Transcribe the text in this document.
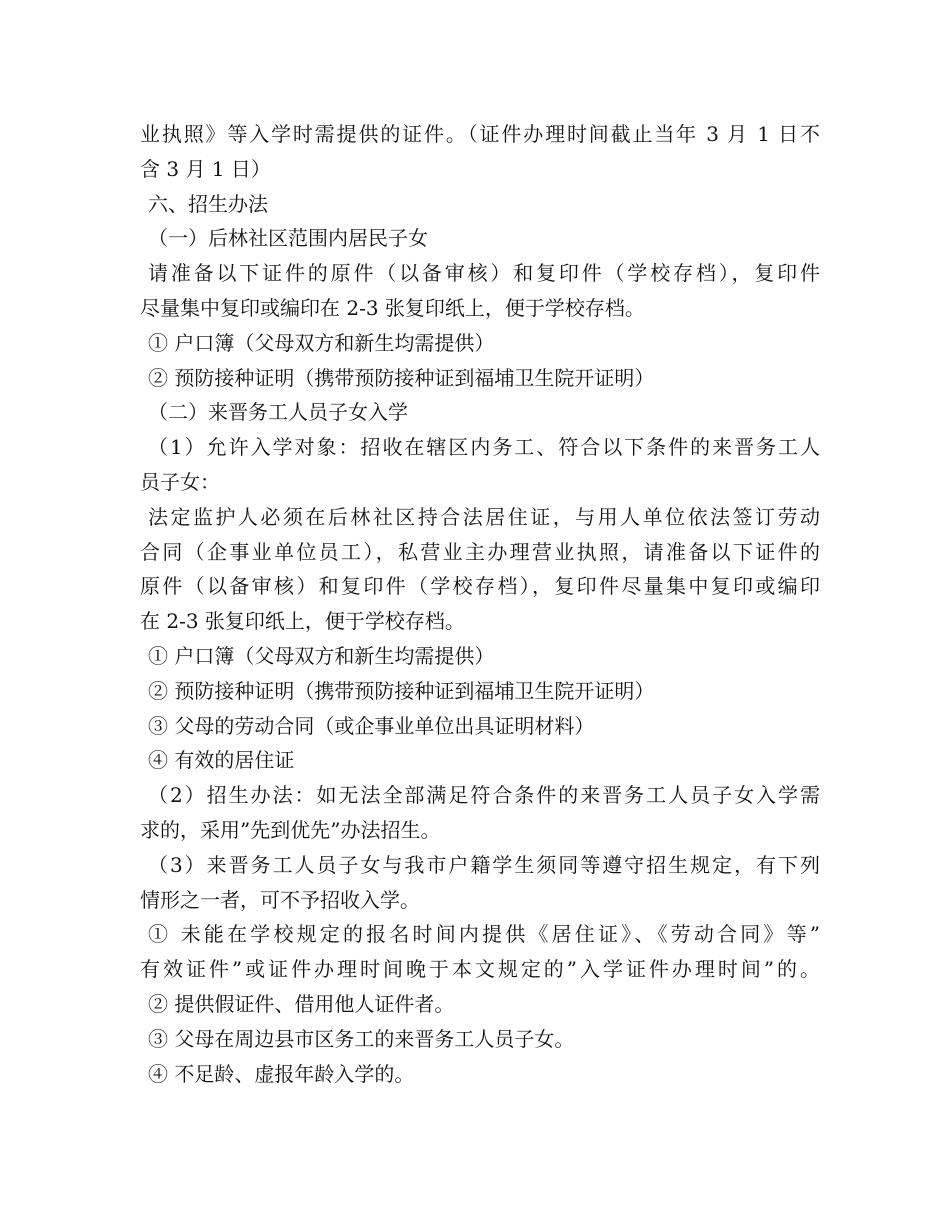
业执照》等入学时需提供的证件。（证件办理时间截止当年 3 月 1 日不
含 3 月 1 日）
六、招生办法
（一）后林社区范围内居民子女
请准备以下证件的原件（以备审核）和复印件（学校存档），复印件
尽量集中复印或编印在 2-3 张复印纸上，便于学校存档。
① 户口簿（父母双方和新生均需提供）
② 预防接种证明（携带预防接种证到福埔卫生院开证明）
（二）来晋务工人员子女入学
（1）允许入学对象：招收在辖区内务工、符合以下条件的来晋务工人
员子女：
法定监护人必须在后林社区持合法居住证，与用人单位依法签订劳动
合同（企事业单位员工），私营业主办理营业执照，请准备以下证件的
原件（以备审核）和复印件（学校存档），复印件尽量集中复印或编印
在 2-3 张复印纸上，便于学校存档。
① 户口簿（父母双方和新生均需提供）
② 预防接种证明（携带预防接种证到福埔卫生院开证明）
③ 父母的劳动合同（或企事业单位出具证明材料）
④ 有效的居住证
（2）招生办法：如无法全部满足符合条件的来晋务工人员子女入学需
求的，采用”先到优先”办法招生。
（3）来晋务工人员子女与我市户籍学生须同等遵守招生规定，有下列
情形之一者，可不予招收入学。
① 未能在学校规定的报名时间内提供《居住证》、《劳动合同》等”
有效证件”或证件办理时间晚于本文规定的”入学证件办理时间”的。
② 提供假证件、借用他人证件者。
③ 父母在周边县市区务工的来晋务工人员子女。
④ 不足龄、虚报年龄入学的。
